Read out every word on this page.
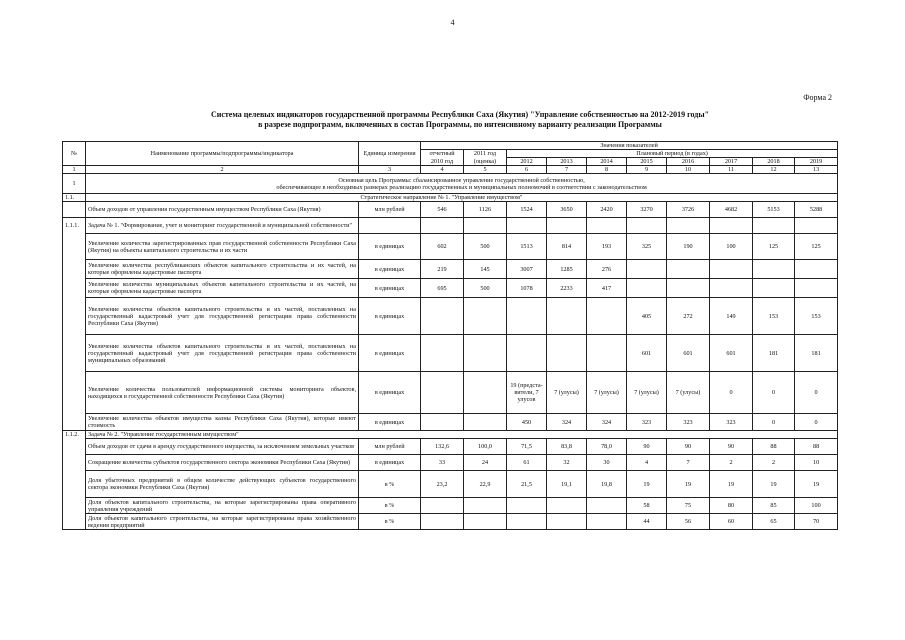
4
Форма 2
Система целевых индикаторов государственной программы Республики Саха (Якутия) "Управление собственностью на 2012-2019 годы"
в разрезе подпрограмм, включенных в состав Программы, по интенсивному варианту реализации Программы
№	Наименование программы/подпрограммы/индикатора	Единица измерения	Значения показателей									
			отчетный	2011 год	Плановый период (в годах)							
			2010 год	(оценка)	2012	2013	2014	2015	2016	2017	2018	2019
1	2	3	4	5	6	7	8	9	10	11	12	13
1	Основная цель Программы: сбалансированное управление государственной собственностью,
обеспечивающее в необходимых размерах реализацию государственных и муниципальных полномочий в соответствии с законодательством											

1.1.		Стратегическое направление № 1. "Управление имуществом"										
	Объем доходов от управления государственным имуществом Республики Саха (Якутия)	млн рублей	546	1126	1524	3650	2420	3270	3726	4682	5153	5288
1.1.1.	Задача № 1. "Формирование, учет и мониторинг государственной и муниципальной собственности"											
	Увеличение количества зарегистрированных прав государственной собственности Республики Саха (Якутия) на объекты капитального строительства и их части	в единицах	602	500	1513	814	193	325	190	100	125	125
	Увеличение количества республиканских объектов капитального строительства и их частей, на которые оформлены кадастровые паспорта	в единицах	219	145	3007	1285	276					
	Увеличение количества муниципальных объектов капитального строительства и их частей, на которые оформлены кадастровые паспорта	в единицах	695	500	1078	2233	417					
	Увеличение количества объектов капитального строительства и их частей, поставленных на государственный кадастровый учет для государственной регистрации права собственности Республики Саха (Якутия)	в единицах						405	272	149	153	153
	Увеличение количества объектов капитального строительства и их частей, поставленных на государственный кадастровый учет для государственной регистрации права собственности муниципальных образований	в единицах						601	601	601	181	181
	Увеличение количества пользователей информационной системы мониторинга объектов, находящихся в государственной собственности Республики Саха (Якутия)	в единицах			19 (предста-вители, 7 улусов	7 (улусы)	7 (улусы)	7 (улусы)	7 (улусы)	0	0	0
	Увеличение количества объектов имущества казны Республики Саха (Якутия), которые имеют стоимость	в единицах			450	324	324	323	323	323	0	0
1.1.2.	Задача № 2. "Управление государственным имуществом"											
	Объем доходов от сдачи в аренду государственного имущества, за исключением земельных участков	млн рублей	132,6	100,0	71,5	83,8	78,0	90	90	90	88	88
	Сокращение количества субъектов государственного сектора экономики Республики Саха (Якутия)	в единицах	33	24	61	32	30	4	7	2	2	10
	Доля убыточных предприятий в общем количестве действующих субъектов государственного сектора экономики Республики Саха (Якутия)	в %	23,2	22,9	21,5	19,1	19,8	19	19	19	19	19
	Доля объектов капитального строительства, на которые зарегистрированы права оперативного управления учреждений	в %						58	75	80	85	100
	Доля объектов капитального строительства, на которые зарегистрированы права хозяйственного ведения предприятий	в %						44	56	60	65	70
